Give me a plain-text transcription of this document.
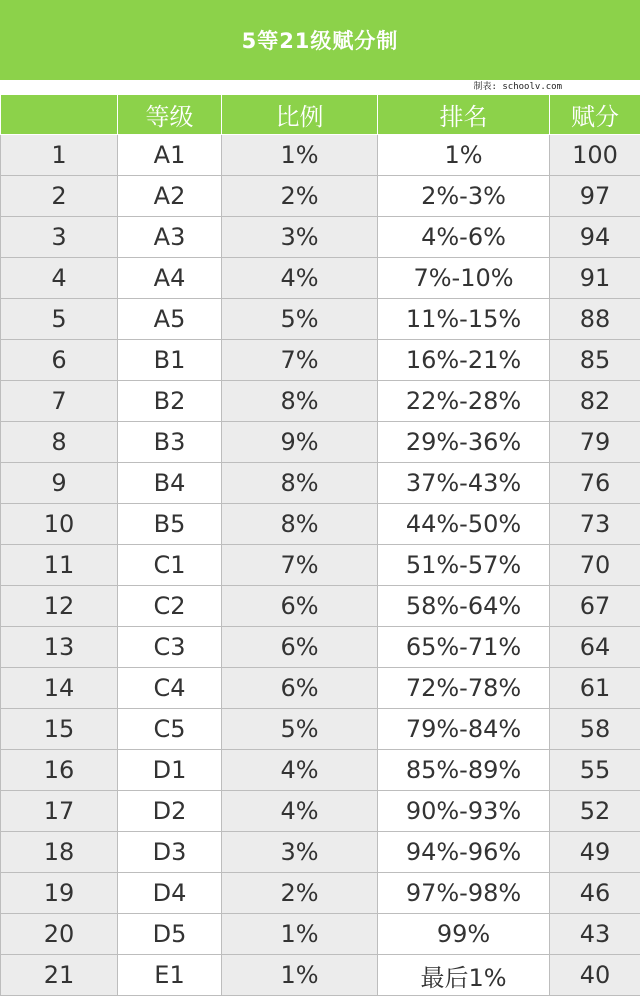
5等21级赋分制
制表: schoolv.com
	等级	比例	排名	赋分
1	A1	1%	1%	100
2	A2	2%	2%-3%	97
3	A3	3%	4%-6%	94
4	A4	4%	7%-10%	91
5	A5	5%	11%-15%	88
6	B1	7%	16%-21%	85
7	B2	8%	22%-28%	82
8	B3	9%	29%-36%	79
9	B4	8%	37%-43%	76
10	B5	8%	44%-50%	73
11	C1	7%	51%-57%	70
12	C2	6%	58%-64%	67
13	C3	6%	65%-71%	64
14	C4	6%	72%-78%	61
15	C5	5%	79%-84%	58
16	D1	4%	85%-89%	55
17	D2	4%	90%-93%	52
18	D3	3%	94%-96%	49
19	D4	2%	97%-98%	46
20	D5	1%	99%	43
21	E1	1%	最后1%	40
